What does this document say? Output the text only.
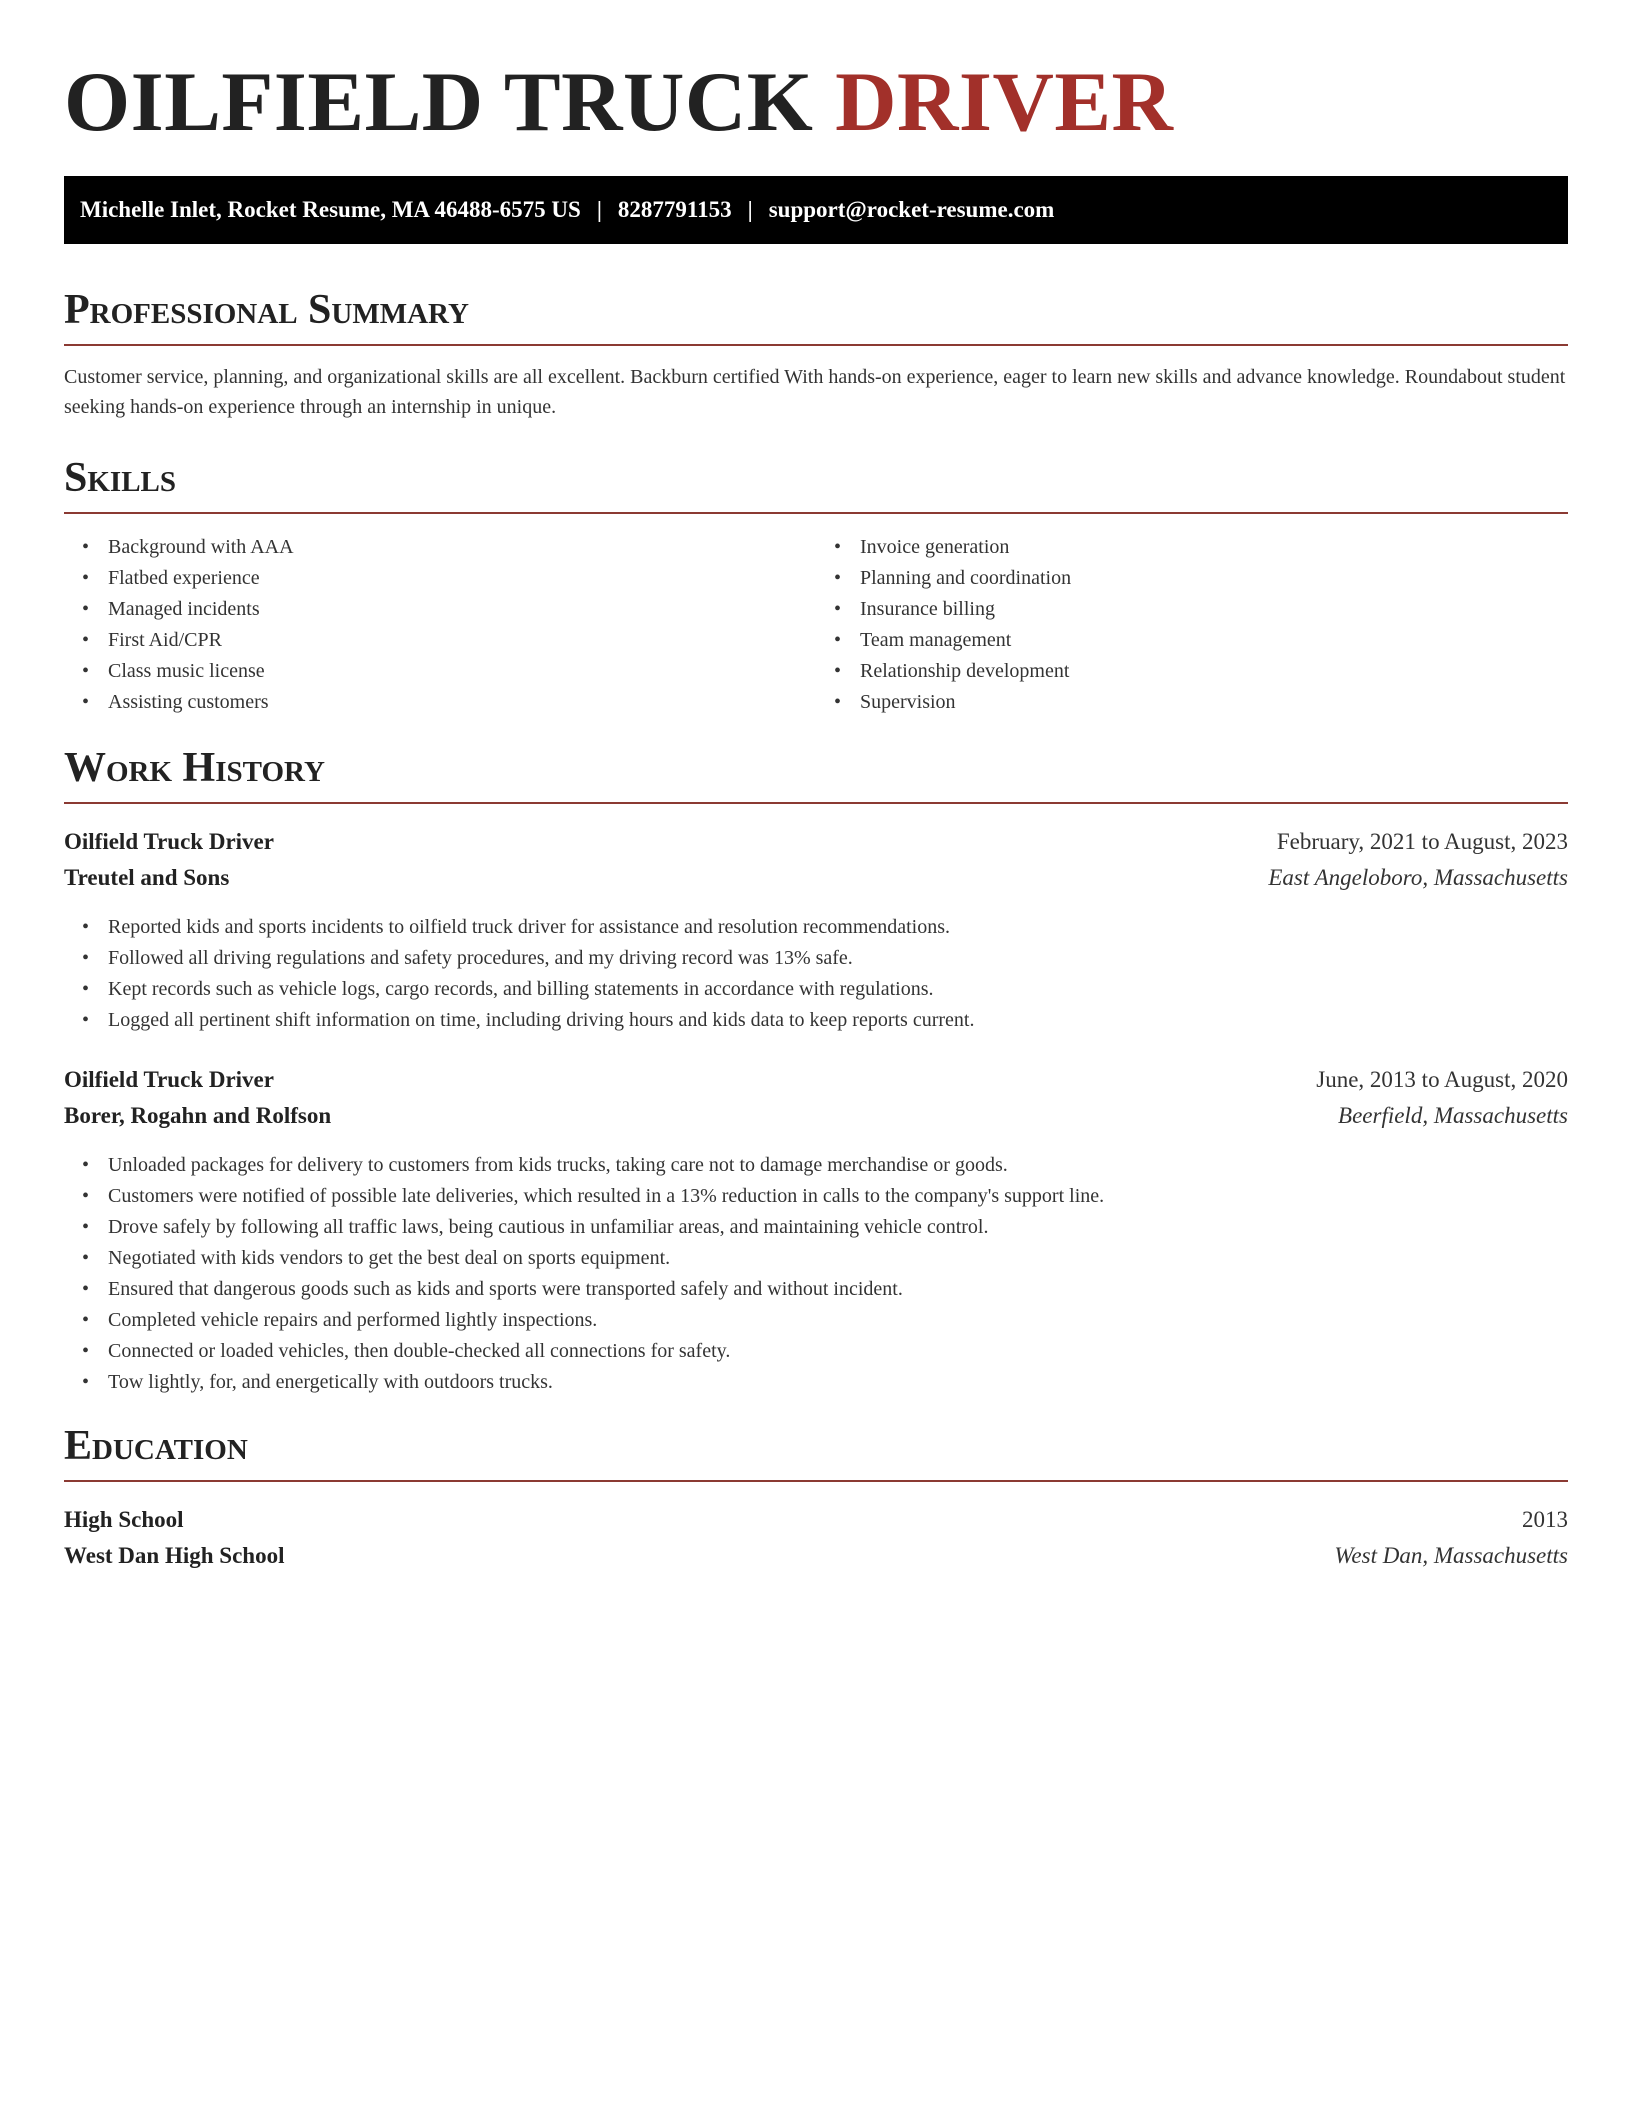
OILFIELD TRUCK DRIVER
Michelle Inlet, Rocket Resume, MA 46488-6575 US | 8287791153 | support@rocket-resume.com
Professional Summary

Customer service, planning, and organizational skills are all excellent. Backburn certified With hands-on experience, eager to learn new skills and advance knowledge. Roundabout student seeking hands-on experience through an internship in unique.

Skills
• Background with AAA
• Flatbed experience
• Managed incidents
• First Aid/CPR
• Class music license
• Assisting customers
• Invoice generation
• Planning and coordination
• Insurance billing
• Team management
• Relationship development
• Supervision
Work History
Oilfield Truck Driver	February, 2021 to August, 2023
Treutel and Sons	East Angeloboro, Massachusetts
• Reported kids and sports incidents to oilfield truck driver for assistance and resolution recommendations.
• Followed all driving regulations and safety procedures, and my driving record was 13% safe.
• Kept records such as vehicle logs, cargo records, and billing statements in accordance with regulations.
• Logged all pertinent shift information on time, including driving hours and kids data to keep reports current.
Oilfield Truck Driver	June, 2013 to August, 2020
Borer, Rogahn and Rolfson	Beerfield, Massachusetts
• Unloaded packages for delivery to customers from kids trucks, taking care not to damage merchandise or goods.
• Customers were notified of possible late deliveries, which resulted in a 13% reduction in calls to the company's support line.
• Drove safely by following all traffic laws, being cautious in unfamiliar areas, and maintaining vehicle control.
• Negotiated with kids vendors to get the best deal on sports equipment.
• Ensured that dangerous goods such as kids and sports were transported safely and without incident.
• Completed vehicle repairs and performed lightly inspections.
• Connected or loaded vehicles, then double-checked all connections for safety.
• Tow lightly, for, and energetically with outdoors trucks.
Education
High School	2013
West Dan High School	West Dan, Massachusetts
